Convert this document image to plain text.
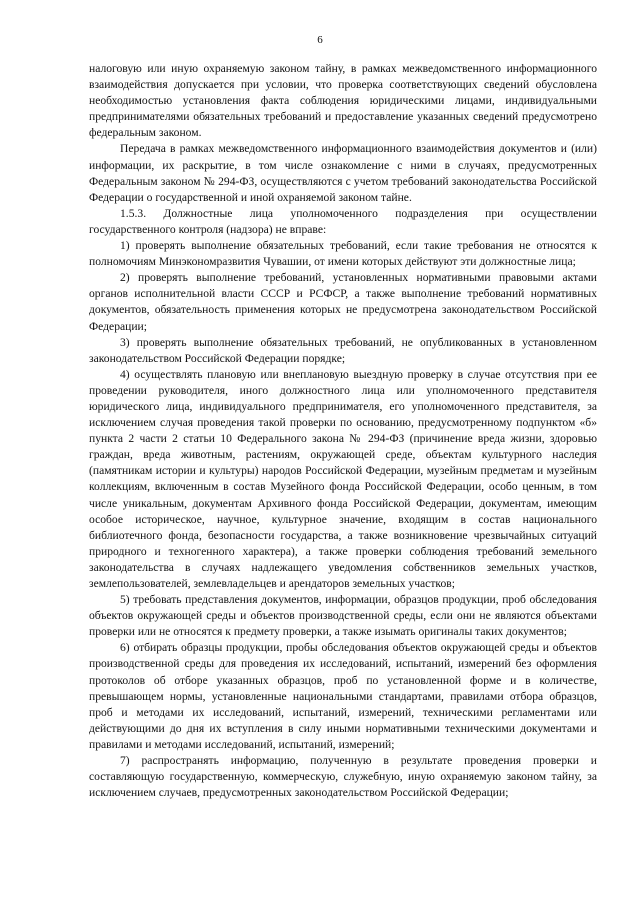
6

налоговую или иную охраняемую законом тайну, в рамках межведомственного информационного взаимодействия допускается при условии, что проверка соответствующих сведений обусловлена необходимостью установления факта соблюдения юридическими лицами, индивидуальными предпринимателями обязательных требований и предоставление указанных сведений предусмотрено федеральным законом.

Передача в рамках межведомственного информационного взаимодействия документов и (или) информации, их раскрытие, в том числе ознакомление с ними в случаях, предусмотренных Федеральным законом № 294-ФЗ, осуществляются с учетом требований законодательства Российской Федерации о государственной и иной охраняемой законом тайне.

1.5.3. Должностные лица уполномоченного подразделения при осуществлении государственного контроля (надзора) не вправе:

1) проверять выполнение обязательных требований, если такие требования не относятся к полномочиям Минэкономразвития Чувашии, от имени которых действуют эти должностные лица;

2) проверять выполнение требований, установленных нормативными правовыми актами органов исполнительной власти СССР и РСФСР, а также выполнение требований нормативных документов, обязательность применения которых не предусмотрена законодательством Российской Федерации;

3) проверять выполнение обязательных требований, не опубликованных в установленном законодательством Российской Федерации порядке;

4) осуществлять плановую или внеплановую выездную проверку в случае отсутствия при ее проведении руководителя, иного должностного лица или уполномоченного представителя юридического лица, индивидуального предпринимателя, его уполномоченного представителя, за исключением случая проведения такой проверки по основанию, предусмотренному подпунктом «б» пункта 2 части 2 статьи 10 Федерального закона № 294-ФЗ (причинение вреда жизни, здоровью граждан, вреда животным, растениям, окружающей среде, объектам культурного наследия (памятникам истории и культуры) народов Российской Федерации, музейным предметам и музейным коллекциям, включенным в состав Музейного фонда Российской Федерации, особо ценным, в том числе уникальным, документам Архивного фонда Российской Федерации, документам, имеющим особое историческое, научное, культурное значение, входящим в состав национального библиотечного фонда, безопасности государства, а также возникновение чрезвычайных ситуаций природного и техногенного характера), а также проверки соблюдения требований земельного законодательства в случаях надлежащего уведомления собственников земельных участков, землепользователей, землевладельцев и арендаторов земельных участков;

5) требовать представления документов, информации, образцов продукции, проб обследования объектов окружающей среды и объектов производственной среды, если они не являются объектами проверки или не относятся к предмету проверки, а также изымать оригиналы таких документов;

6) отбирать образцы продукции, пробы обследования объектов окружающей среды и объектов производственной среды для проведения их исследований, испытаний, измерений без оформления протоколов об отборе указанных образцов, проб по установленной форме и в количестве, превышающем нормы, установленные национальными стандартами, правилами отбора образцов, проб и методами их исследований, испытаний, измерений, техническими регламентами или действующими до дня их вступления в силу иными нормативными техническими документами и правилами и методами исследований, испытаний, измерений;

7) распространять информацию, полученную в результате проведения проверки и составляющую государственную, коммерческую, служебную, иную охраняемую законом тайну, за исключением случаев, предусмотренных законодательством Российской Федерации;
